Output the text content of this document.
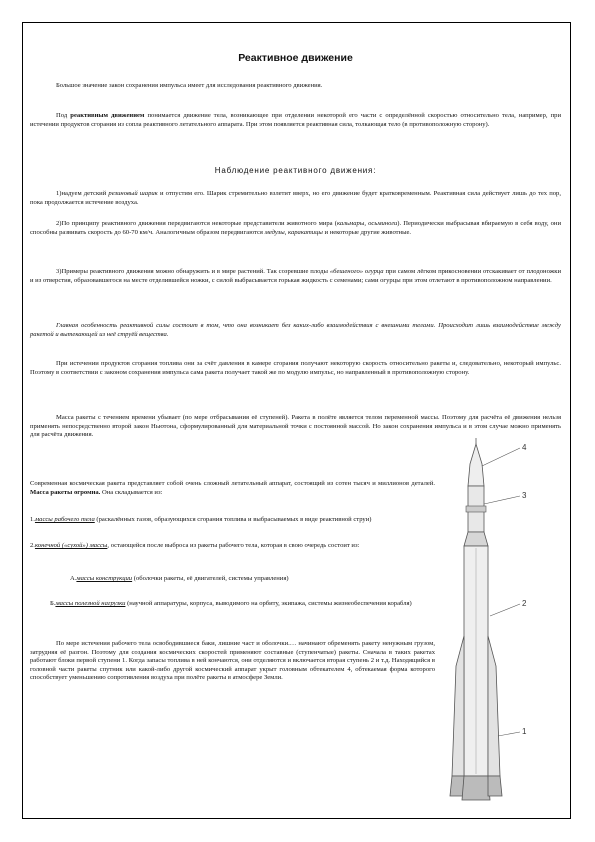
Реактивное движение

Большое значение закон сохранения импульса имеет для исследования реактивного движения.

Под реактивным движением понимается движение тела, возникающее при отделении некоторой его части с определённой скоростью относительно тела, например, при истечении продуктов сгорания из сопла реактивного летательного аппарата. При этом появляется реактивная сила, толкающая тело (в противоположную сторону).

Наблюдение реактивного движения:

1)надуем детский резиновый шарик и отпустим его. Шарик стремительно взлетит вверх, но его движение будет кратковременным. Реактивная сила действует лишь до тех пор, пока продолжается истечение воздуха.

2)По принципу реактивного движения передвигаются некоторые представители животного мира (кальмары, осьминоги). Периодически выбрасывая вбираемую в себя воду, они способны развивать скорость до 60-70 км/ч. Аналогичным образом передвигаются медузы, каракатицы и некоторые другие животные.

3)Примеры реактивного движения можно обнаружить и в мире растений. Так созревшие плоды «бешеного» огурца при самом лёгком прикосновении отскакивает от плодоножки и из отверстия, образовавшегося на месте отделившейся ножки, с силой выбрасывается горькая жидкость с семенами; сами огурцы при этом отлетают в противоположном направлении.

Главная особенность реактивной силы состоит в том, что она возникает без каких-либо взаимодействия с внешними телами. Происходит лишь взаимодействие между ракетой и вытекающей из неё струёй вещества.

При истечении продуктов сгорания топлива они за счёт давления в камере сгорания получают некоторую скорость относительно ракеты и, следовательно, некоторый импульс. Поэтому в соответствии с законом сохранения импульса сама ракета получает такой же по модулю импульс, но направленный в противоположную сторону.

Масса ракеты с течением времени убывает (по мере отбрасывания её ступеней). Ракета в полёте является телом переменной массы. Поэтому для расчёта её движения нельзя применять непосредственно второй закон Ньютона, сформулированный для материальной точки с постоянной массой. Но закон сохранения импульса и в этом случае можно применять для расчёта движения.

Современная космическая ракета представляет собой очень сложный летательный аппарат, состоящий из сотен тысяч и миллионов деталей. Масса ракеты огромна. Она складывается из:

1.массы рабочего тела (раскалённых газов, образующихся сгорания топлива и выбрасываемых в виде реактивной струи)

2.конечной («сухой») массы, остающейся после выброса из ракеты рабочего тела, которая в свою очередь состоит из:

А.массы конструкции (оболочки ракеты, её двигателей, системы управления)

Б.массы полезной нагрузки (научной аппаратуры, корпуса, выводимого на орбиту, экипажа, системы жизнеобеспечения корабля)

По мере истечения рабочего тела освободившиеся баки, лишние част и оболочки.… начинают обременять ракету ненужным грузом, затрудняя её разгон. Поэтому для создания космических скоростей применяют составные (ступенчатые) ракеты. Сначала в таких ракетах работают блоки первой ступени 1. Когда запасы топлива в ней кончаются, они отделяются и включается вторая ступень 2 и т.д. Находящийся в головной части ракеты спутник или какой-либо другой космический аппарат укрыт головным обтекателем 4, обтекаемая форма которого способствует уменьшению сопротивления воздуха при полёте ракеты в атмосфере Земли.

4
3
2
1
